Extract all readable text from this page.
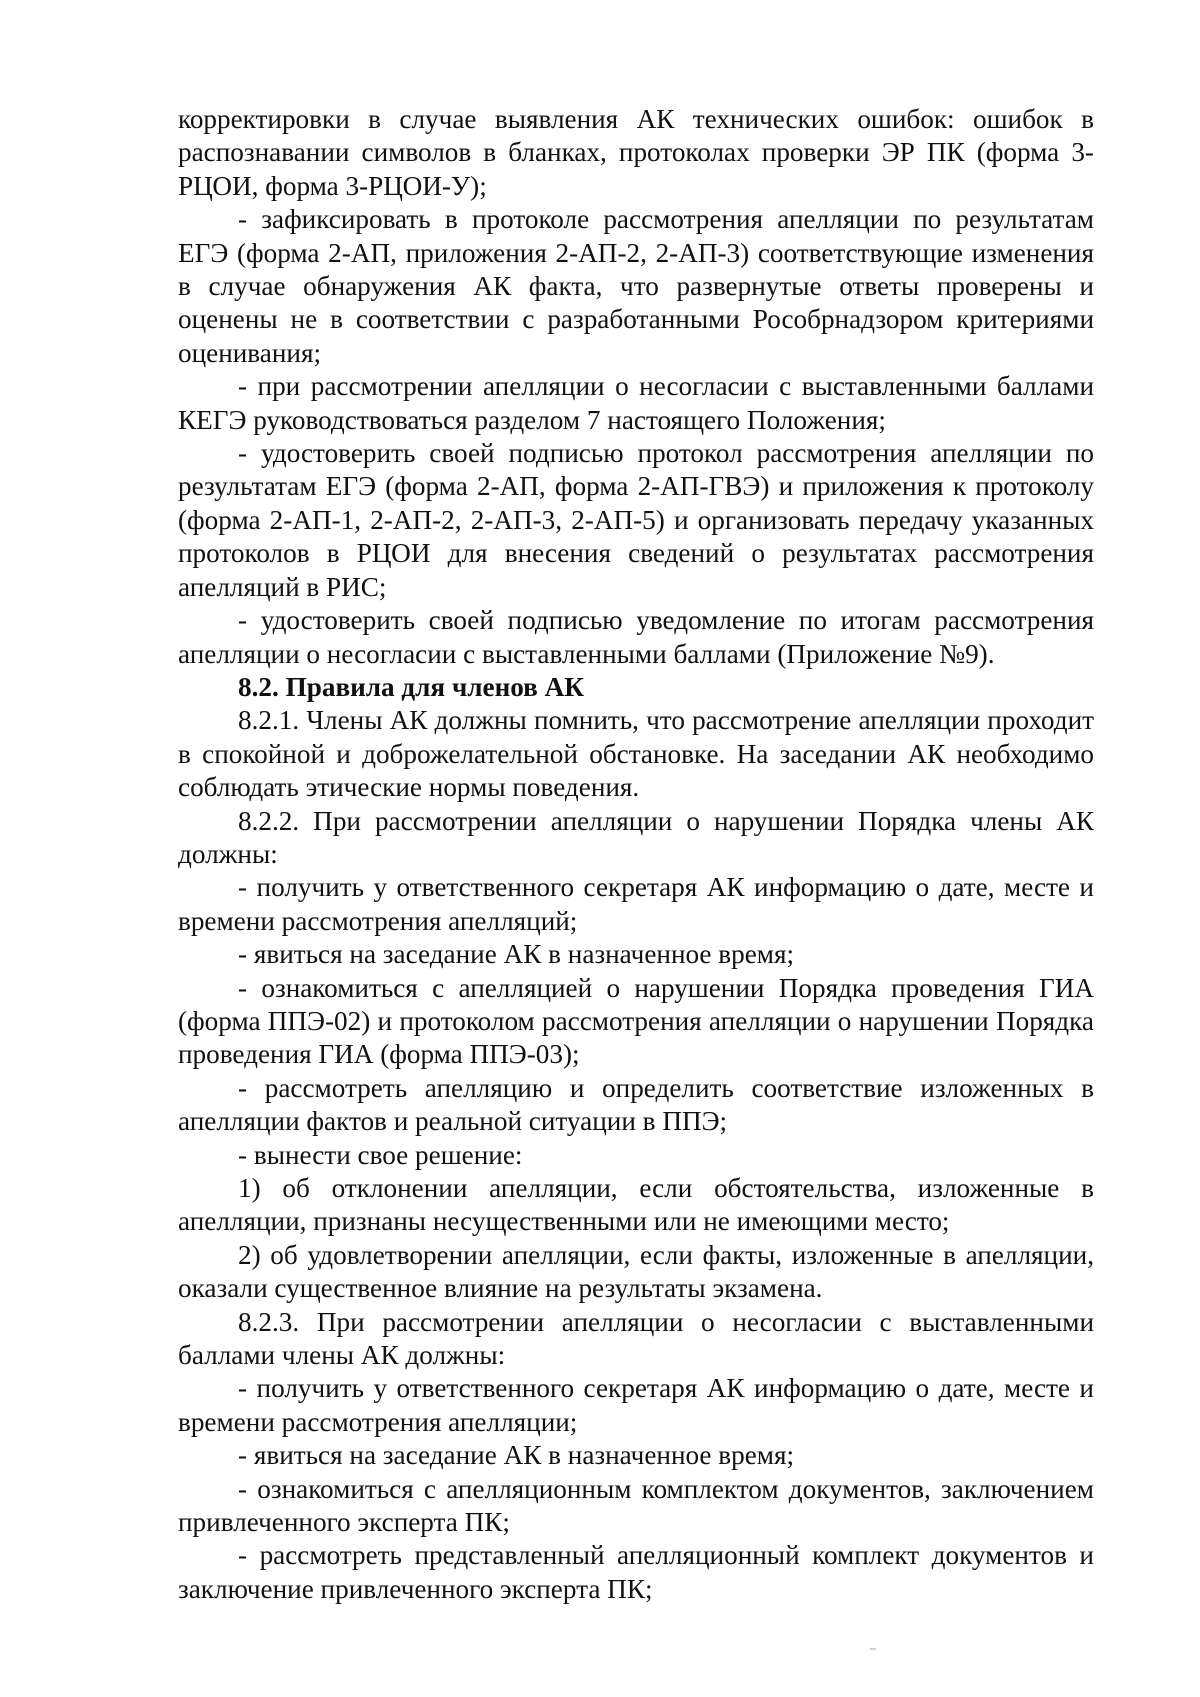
корректировки в случае выявления АК технических ошибок: ошибок в распознавании символов в бланках, протоколах проверки ЭР ПК (форма 3-РЦОИ, форма 3-РЦОИ-У);

- зафиксировать в протоколе рассмотрения апелляции по результатам ЕГЭ (форма 2-АП, приложения 2-АП-2, 2-АП-3) соответствующие изменения в случае обнаружения АК факта, что развернутые ответы проверены и оценены не в соответствии с разработанными Рособрнадзором критериями оценивания;

- при рассмотрении апелляции о несогласии с выставленными баллами КЕГЭ руководствоваться разделом 7 настоящего Положения;

- удостоверить своей подписью протокол рассмотрения апелляции по результатам ЕГЭ (форма 2-АП, форма 2-АП-ГВЭ) и приложения к протоколу (форма 2-АП-1, 2-АП-2, 2-АП-3, 2-АП-5) и организовать передачу указанных протоколов в РЦОИ для внесения сведений о результатах рассмотрения апелляций в РИС;

- удостоверить своей подписью уведомление по итогам рассмотрения апелляции о несогласии с выставленными баллами (Приложение №9).

8.2. Правила для членов АК

8.2.1. Члены АК должны помнить, что рассмотрение апелляции проходит в спокойной и доброжелательной обстановке. На заседании АК необходимо соблюдать этические нормы поведения.

8.2.2. При рассмотрении апелляции о нарушении Порядка члены АК должны:

- получить у ответственного секретаря АК информацию о дате, месте и времени рассмотрения апелляций;

- явиться на заседание АК в назначенное время;

- ознакомиться с апелляцией о нарушении Порядка проведения ГИА (форма ППЭ-02) и протоколом рассмотрения апелляции о нарушении Порядка проведения ГИА (форма ППЭ-03);

- рассмотреть апелляцию и определить соответствие изложенных в апелляции фактов и реальной ситуации в ППЭ;

- вынести свое решение:

1) об отклонении апелляции, если обстоятельства, изложенные в апелляции, признаны несущественными или не имеющими место;

2) об удовлетворении апелляции, если факты, изложенные в апелляции, оказали существенное влияние на результаты экзамена.

8.2.3. При рассмотрении апелляции о несогласии с выставленными баллами члены АК должны:

- получить у ответственного секретаря АК информацию о дате, месте и времени рассмотрения апелляции;

- явиться на заседание АК в назначенное время;

- ознакомиться с апелляционным комплектом документов, заключением привлеченного эксперта ПК;

- рассмотреть представленный апелляционный комплект документов и заключение привлеченного эксперта ПК;
